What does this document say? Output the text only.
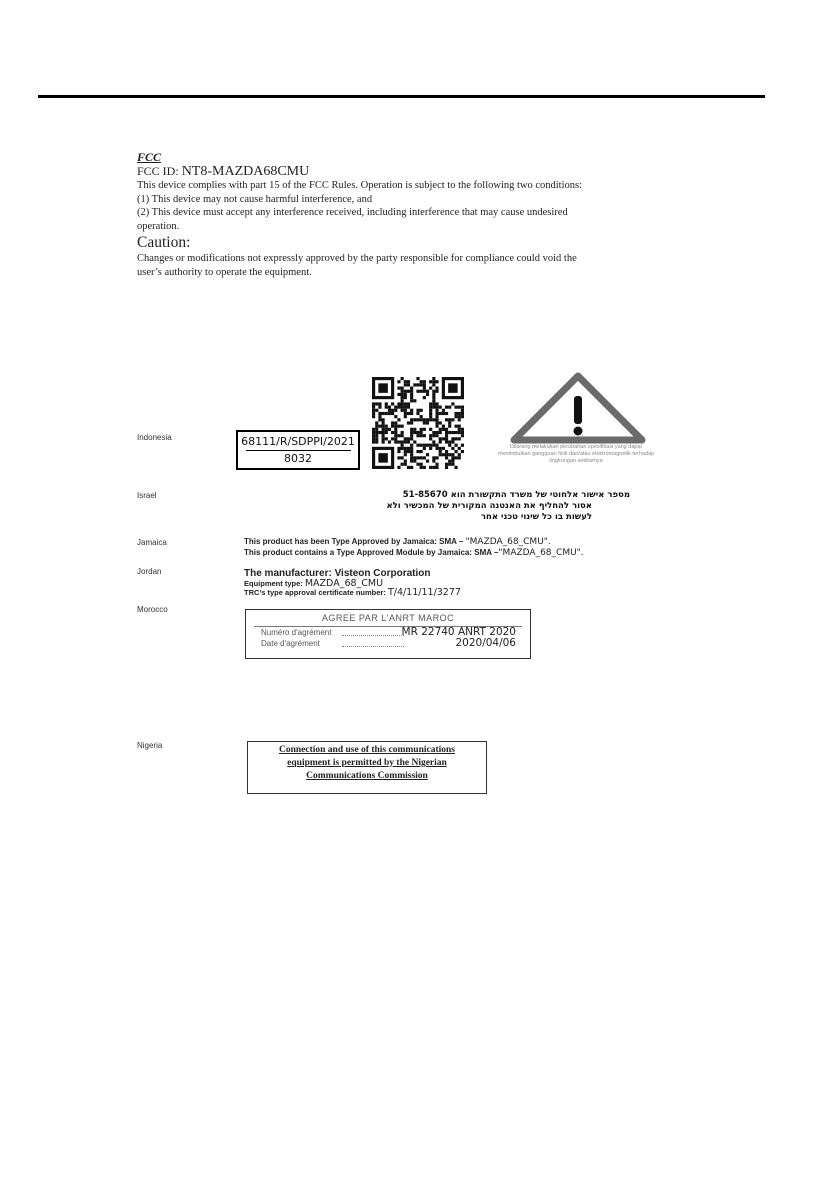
FCC
FCC ID: NT8-MAZDA68CMU

This device complies with part 15 of the FCC Rules. Operation is subject to the following two conditions:

(1) This device may not cause harmful interference, and

(2) This device must accept any interference received, including interference that may cause undesired

operation.

Caution:

Changes or modifications not expressly approved by the party responsible for compliance could void the

user’s authority to operate the equipment.

Indonesia	68111/R/SDPPI/2021
8032
Dilarang melakukan perubahan spesifikasi yang dapat menimbulkan gangguan fisik dan/atau elektromagnetik terhadap lingkungan sekitarnya
Israel	מספר אישור אלחוטי של משרד התקשורת הוא 51-85670
אסור להחליף את האנטנה המקורית של המכשיר ולא
לעשות בו כל שינוי טכני אחר
Jamaica	This product has been Type Approved by Jamaica: SMA – "MAZDA_68_CMU".
This product contains a Type Approved Module by Jamaica: SMA –"MAZDA_68_CMU".
Jordan	The manufacturer: Visteon Corporation
Equipment type: MAZDA_68_CMU
TRC’s type approval certificate number: T/4/11/11/3277
Morocco
AGREE PAR L'ANRT MAROC
Numéro d'agrément	MR 22740 ANRT 2020
Date d'agrément	2020/04/06
Nigeria	Connection and use of this communications
equipment is permitted by the Nigerian
Communications Commission
